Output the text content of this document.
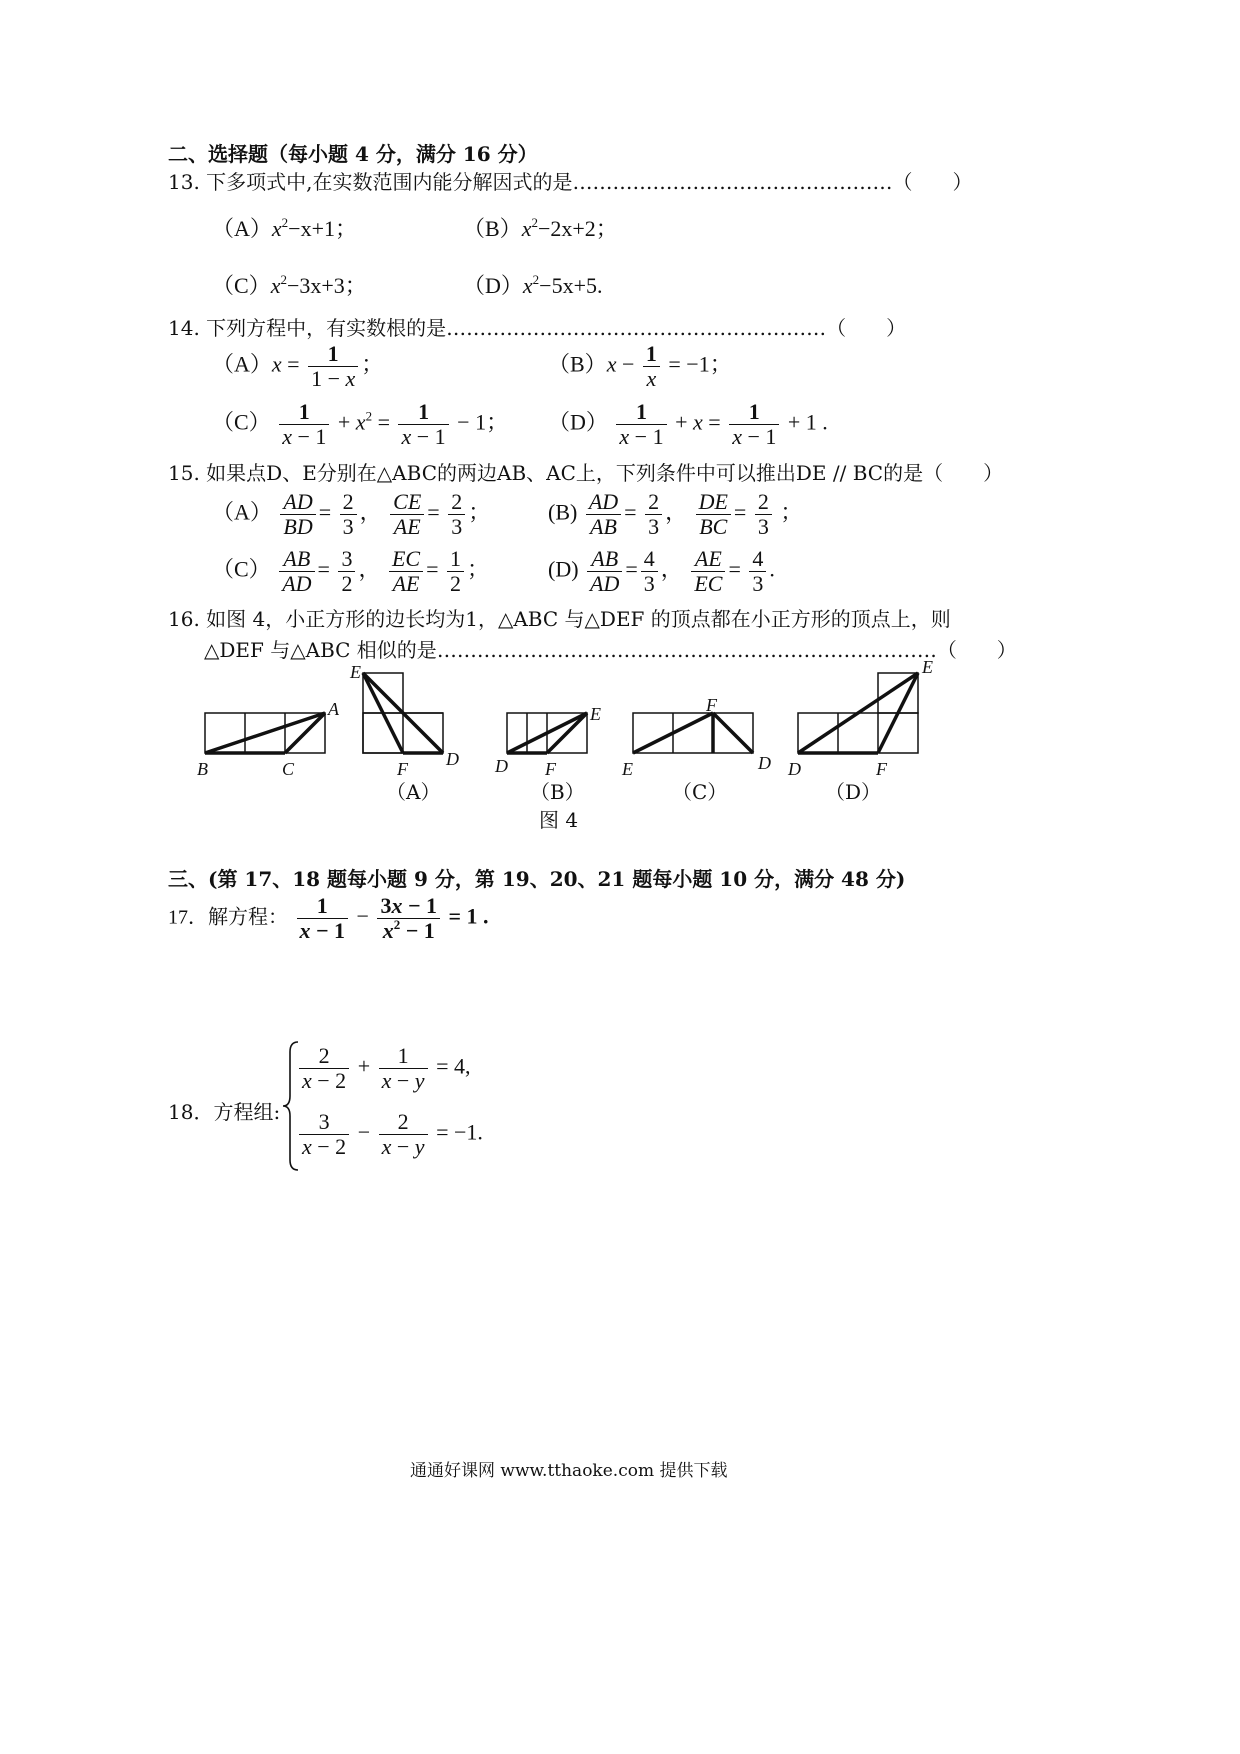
二、选择题（每小题 4 分，满分 16 分）
13. 下多项式中,在实数范围内能分解因式的是…………………………………………（　　）
$(A)x^2-x+1$；	$(B)x^2-2x+2$；
$(C)x^2-3x+3$；	$(D)x^2-5x+5$.
14. 下列方程中，有实数根的是…………………………………………………（　　）
$(A)x = \frac{1}{1 - x}$ ；	$(B)x - \frac{1}{x} = -1$；
$(C) \frac{1}{x - 1} + x^2 = \frac{1}{x - 1} - 1$； $(D) \frac{1}{x - 1} + x = \frac{1}{x - 1} + 1$ .
15. 如果点D、E分别在△ABC的两边AB、AC上，下列条件中可以推出DE // BC的是（　　）
$(A) \frac{AD}{BD} = \frac{2}{3}$ ， $\frac{CE}{AE} = \frac{2}{3}$ ；	$(B) \frac{AD}{AB} = \frac{2}{3}$ ， $\frac{DE}{BC} = \frac{2}{3}$ ；
$(C) \frac{AB}{AD} = \frac{3}{2}$ ， $\frac{EC}{AE} = \frac{1}{2}$ ；	$(D) \frac{AB}{AD} = \frac{4}{3}$ ， $\frac{AE}{EC} = \frac{4}{3}$ .
16. 如图 4，小正方形的边长均为1，△ABC 与△DEF 的顶点都在小正方形的顶点上，则
△DEF 与△ABC 相似的是…………………………………………………………………（　　）
A
B	C
E
F D
E
D F
F
E	D
E
D	F
（A）	（B）	（C）	（D）
图 4
三、(第 17、18 题每小题 9 分，第 19、20、21 题每小题 10 分，满分 48 分)
17．解方程： $\frac{1}{x - 1} - \frac{3x - 1}{x^2 - 1} = 1$ .
18．方程组:
$\frac{2}{x - 2} + \frac{1}{x - y} = 4$,
$\frac{3}{x - 2} - \frac{2}{x - y} = -1$.
通通好课网 www.tthaoke.com 提供下载
